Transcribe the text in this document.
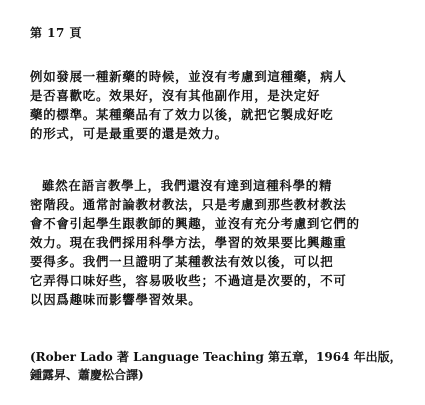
第 17 頁
例如發展一種新藥的時候，並沒有考慮到這種藥，病人
是否喜歡吃。效果好，沒有其他副作用，是決定好
藥的標準。某種藥品有了效力以後，就把它製成好吃
的形式，可是最重要的還是效力。
雖然在語言教學上，我們還沒有達到這種科學的精
密階段。通常討論教材教法，只是考慮到那些教材教法
會不會引起學生跟教師的興趣，並沒有充分考慮到它們的
效力。現在我們採用科學方法，學習的效果要比興趣重
要得多。我們一旦證明了某種教法有效以後，可以把
它弄得口味好些，容易吸收些；不過這是次要的，不可
以因爲趣味而影響學習效果。
(Rober Lado 著 Language Teaching 第五章，1964 年出版，
鍾露昇、蕭慶松合譯)
